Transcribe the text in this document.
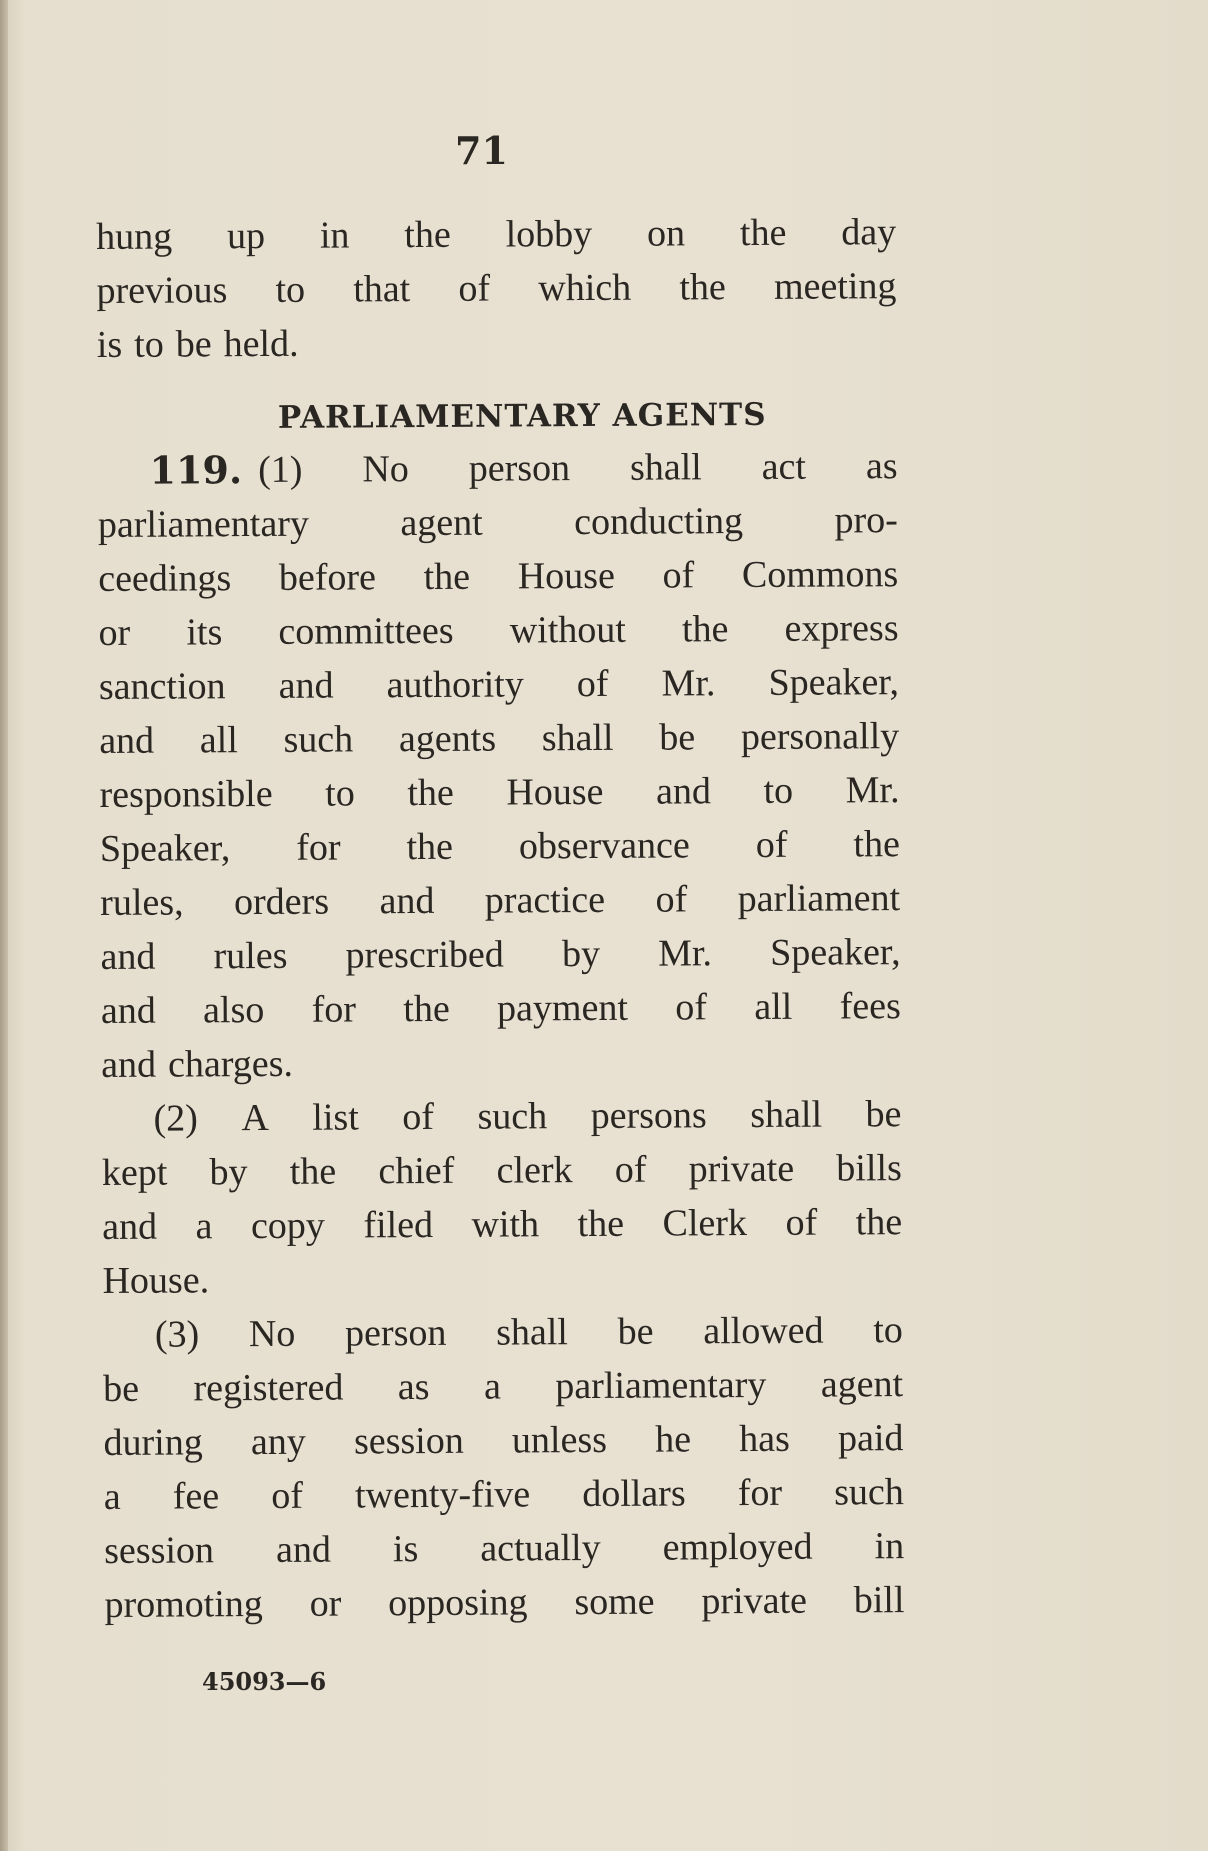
71
hung up in the lobby on the day
previous to that of which the meeting
is to be held.
PARLIAMENTARY AGENTS
119. (1) No person shall act as
parliamentary agent conducting pro-
ceedings before the House of Commons
or its committees without the express
sanction and authority of Mr. Speaker,
and all such agents shall be personally
responsible to the House and to Mr.
Speaker, for the observance of the
rules, orders and practice of parliament
and rules prescribed by Mr. Speaker,
and also for the payment of all fees
and charges.
(2) A list of such persons shall be
kept by the chief clerk of private bills
and a copy filed with the Clerk of the
House.
(3) No person shall be allowed to
be registered as a parliamentary agent
during any session unless he has paid
a fee of twenty-five dollars for such
session and is actually employed in
promoting or opposing some private bill
45093—6
